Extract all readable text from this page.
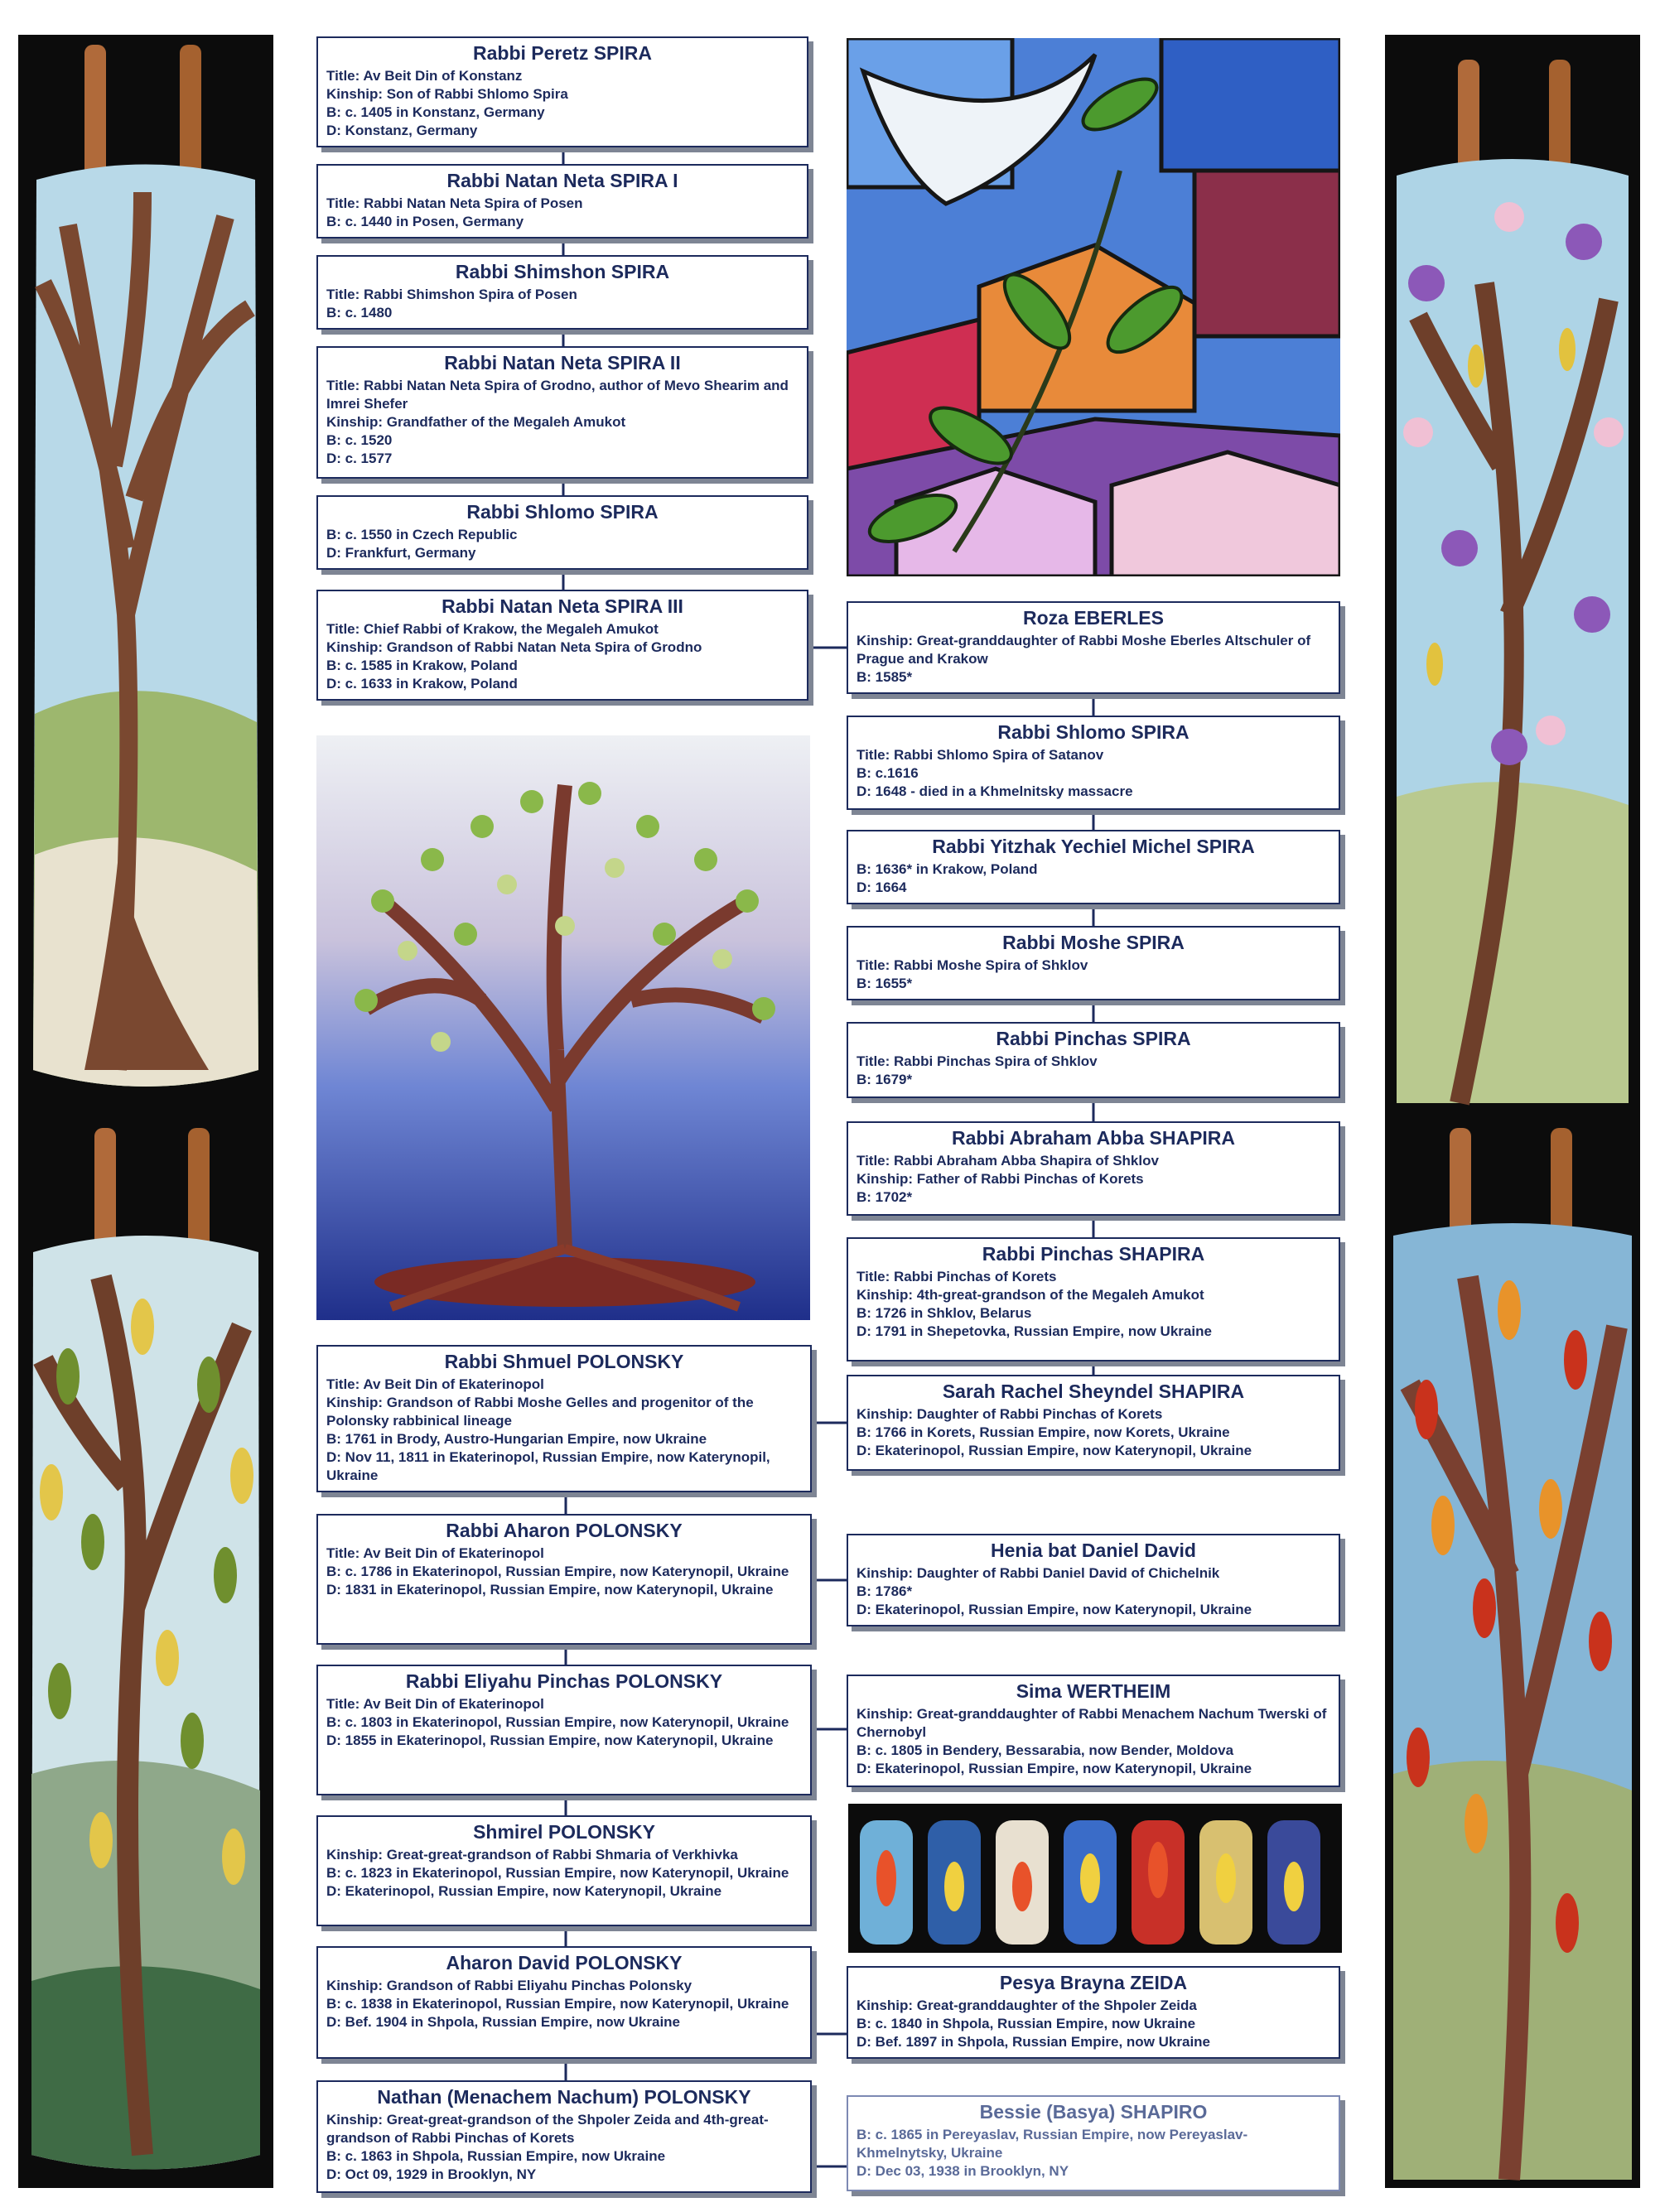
Rabbi Peretz SPIRA
Title: Av Beit Din of Konstanz
Kinship: Son of Rabbi Shlomo Spira
B: c. 1405 in Konstanz, Germany
D: Konstanz, Germany
Rabbi Natan Neta SPIRA I
Title: Rabbi Natan Neta Spira of Posen
B: c. 1440 in Posen, Germany
Rabbi Shimshon SPIRA
Title: Rabbi Shimshon Spira of Posen
B: c. 1480
Rabbi Natan Neta SPIRA II
Title: Rabbi Natan Neta Spira of Grodno, author of Mevo Shearim and Imrei Shefer
Kinship: Grandfather of the Megaleh Amukot
B: c. 1520
D: c. 1577
Rabbi Shlomo SPIRA
B: c. 1550 in Czech Republic
D: Frankfurt, Germany
Rabbi Natan Neta SPIRA III
Title: Chief Rabbi of Krakow, the Megaleh Amukot
Kinship: Grandson of Rabbi Natan Neta Spira of Grodno
B: c. 1585 in Krakow, Poland
D: c. 1633 in Krakow, Poland
Rabbi Shmuel POLONSKY
Title: Av Beit Din of Ekaterinopol
Kinship: Grandson of Rabbi Moshe Gelles and progenitor of the Polonsky rabbinical lineage
B: 1761 in Brody, Austro-Hungarian Empire, now Ukraine
D: Nov 11, 1811 in Ekaterinopol, Russian Empire, now Katerynopil, Ukraine
Rabbi Aharon POLONSKY
Title: Av Beit Din of Ekaterinopol
B: c. 1786 in Ekaterinopol, Russian Empire, now Katerynopil, Ukraine
D: 1831 in Ekaterinopol, Russian Empire, now Katerynopil, Ukraine
Rabbi Eliyahu Pinchas POLONSKY
Title: Av Beit Din of Ekaterinopol
B: c. 1803 in Ekaterinopol, Russian Empire, now Katerynopil, Ukraine
D: 1855 in Ekaterinopol, Russian Empire, now Katerynopil, Ukraine
Shmirel POLONSKY
Kinship: Great-great-grandson of Rabbi Shmaria of Verkhivka
B: c. 1823 in Ekaterinopol, Russian Empire, now Katerynopil, Ukraine
D: Ekaterinopol, Russian Empire, now Katerynopil, Ukraine
Aharon David POLONSKY
Kinship: Grandson of Rabbi Eliyahu Pinchas Polonsky
B: c. 1838 in Ekaterinopol, Russian Empire, now Katerynopil, Ukraine
D: Bef. 1904 in Shpola, Russian Empire, now Ukraine
Nathan (Menachem Nachum) POLONSKY
Kinship: Great-great-grandson of the Shpoler Zeida and 4th-great-grandson of Rabbi Pinchas of Korets
B: c. 1863 in Shpola, Russian Empire, now Ukraine
D: Oct 09, 1929 in Brooklyn, NY
Roza EBERLES
Kinship: Great-granddaughter of Rabbi Moshe Eberles Altschuler of Prague and Krakow
B: 1585*
Rabbi Shlomo SPIRA
Title: Rabbi Shlomo Spira of Satanov
B: c.1616
D: 1648 - died in a Khmelnitsky massacre
Rabbi Yitzhak Yechiel Michel SPIRA
B: 1636* in Krakow, Poland
D: 1664
Rabbi Moshe SPIRA
Title: Rabbi Moshe Spira of Shklov
B: 1655*
Rabbi Pinchas SPIRA
Title: Rabbi Pinchas Spira of Shklov
B: 1679*
Rabbi Abraham Abba SHAPIRA
Title: Rabbi Abraham Abba Shapira of Shklov
Kinship: Father of Rabbi Pinchas of Korets
B: 1702*
Rabbi Pinchas SHAPIRA
Title: Rabbi Pinchas of Korets
Kinship: 4th-great-grandson of the Megaleh Amukot
B: 1726 in Shklov, Belarus
D: 1791 in Shepetovka, Russian Empire, now Ukraine
Sarah Rachel Sheyndel SHAPIRA
Kinship: Daughter of Rabbi Pinchas of Korets
B: 1766 in Korets, Russian Empire, now Korets, Ukraine
D: Ekaterinopol, Russian Empire, now Katerynopil, Ukraine
Henia bat Daniel David
Kinship: Daughter of Rabbi Daniel David of Chichelnik
B: 1786*
D: Ekaterinopol, Russian Empire, now Katerynopil, Ukraine
Sima WERTHEIM
Kinship: Great-granddaughter of Rabbi Menachem Nachum Twerski of Chernobyl
B: c. 1805 in Bendery, Bessarabia, now Bender, Moldova
D: Ekaterinopol, Russian Empire, now Katerynopil, Ukraine
Pesya Brayna ZEIDA
Kinship: Great-granddaughter of the Shpoler Zeida
B: c. 1840 in Shpola, Russian Empire, now Ukraine
D: Bef. 1897 in Shpola, Russian Empire, now Ukraine
Bessie (Basya) SHAPIRO
B: c. 1865 in Pereyaslav, Russian Empire, now Pereyaslav-Khmelnytsky, Ukraine
D: Dec 03, 1938 in Brooklyn, NY
